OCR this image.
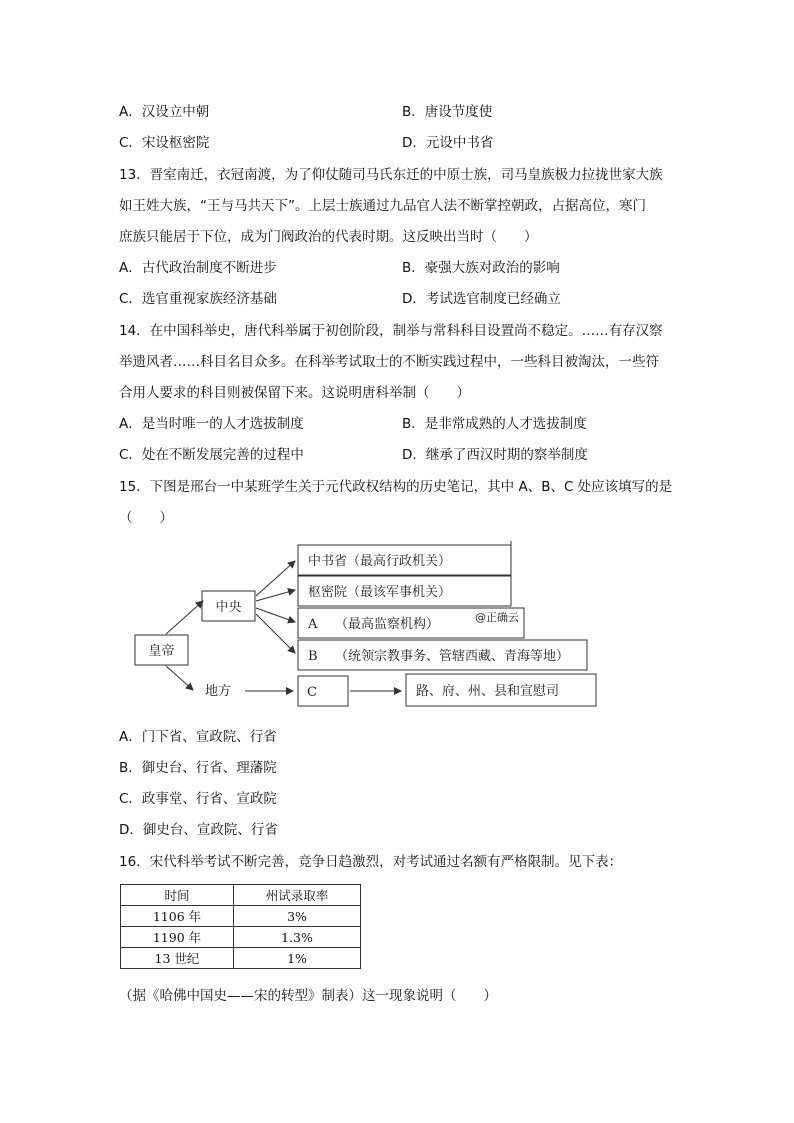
A．汉设立中朝	B．唐设节度使
C．宋设枢密院	D．元设中书省
13．晋室南迁，衣冠南渡，为了仰仗随司马氏东迁的中原士族，司马皇族极力拉拢世家大族
如王姓大族，“王与马共天下”。上层士族通过九品官人法不断掌控朝政，占据高位，寒门
庶族只能居于下位，成为门阀政治的代表时期。这反映出当时（　　）
A．古代政治制度不断进步	B．豪强大族对政治的影响
C．选官重视家族经济基础	D．考试选官制度已经确立
14．在中国科举史，唐代科举属于初创阶段，制举与常科科目设置尚不稳定。……有存汉察
举遗风者……科目名目众多。在科举考试取士的不断实践过程中，一些科目被淘汰，一些符
合用人要求的科目则被保留下来。这说明唐科举制（　　）
A．是当时唯一的人才选拔制度	B．是非常成熟的人才选拔制度
C．处在不断发展完善的过程中	D．继承了西汉时期的察举制度
15．下图是邢台一中某班学生关于元代政权结构的历史笔记，其中 A、B、C 处应该填写的是
（　　）
皇帝
中央
地方
中书省（最高行政机关）
枢密院（最该军事机关）
A （最高监察机构）	@正确云
B （统领宗教事务、管辖西藏、青海等地）
C	路、府、州、县和宣慰司
A．门下省、宣政院、行省
B．御史台、行省、理藩院
C．政事堂、行省、宣政院
D．御史台、宣政院、行省
16．宋代科举考试不断完善，竞争日趋激烈，对考试通过名额有严格限制。见下表：
时间	州试录取率
1106 年	3%
1190 年	1.3%
13 世纪	1%
（据《哈佛中国史——宋的转型》制表）这一现象说明（　　）
